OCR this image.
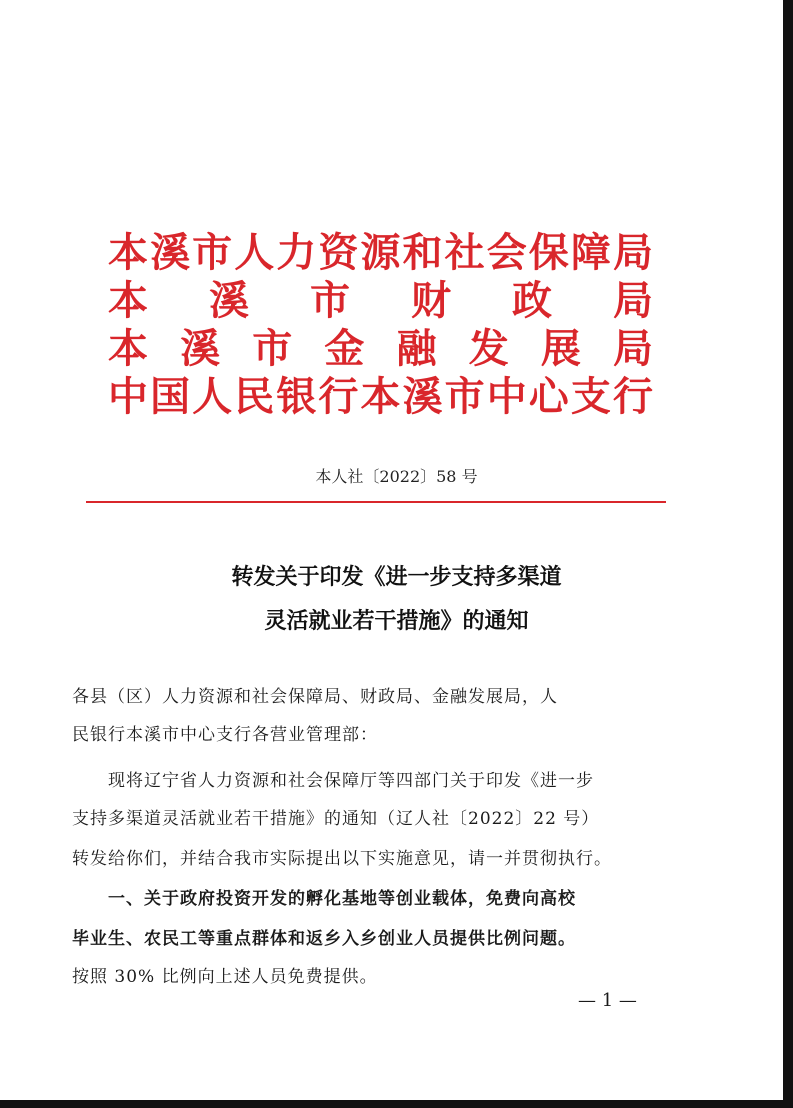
本 溪 市 人 力 资 源 和 社 会 保 障 局
本 溪 市 财 政 局
本 溪 市 金 融 发 展 局
中 国 人 民 银 行 本 溪 市 中 心 支 行
本人社〔2022〕58 号
转发关于印发《进一步支持多渠道
灵活就业若干措施》的通知
各县（区）人力资源和社会保障局、财政局、金融发展局，人
民银行本溪市中心支行各营业管理部：
　　现将辽宁省人力资源和社会保障厅等四部门关于印发《进一步
支持多渠道灵活就业若干措施》的通知（辽人社〔2022〕22 号）
转发给你们，并结合我市实际提出以下实施意见，请一并贯彻执行。
　　一、关于政府投资开发的孵化基地等创业载体，免费向高校
毕业生、农民工等重点群体和返乡入乡创业人员提供比例问题。
按照 30% 比例向上述人员免费提供。
— 1 —
